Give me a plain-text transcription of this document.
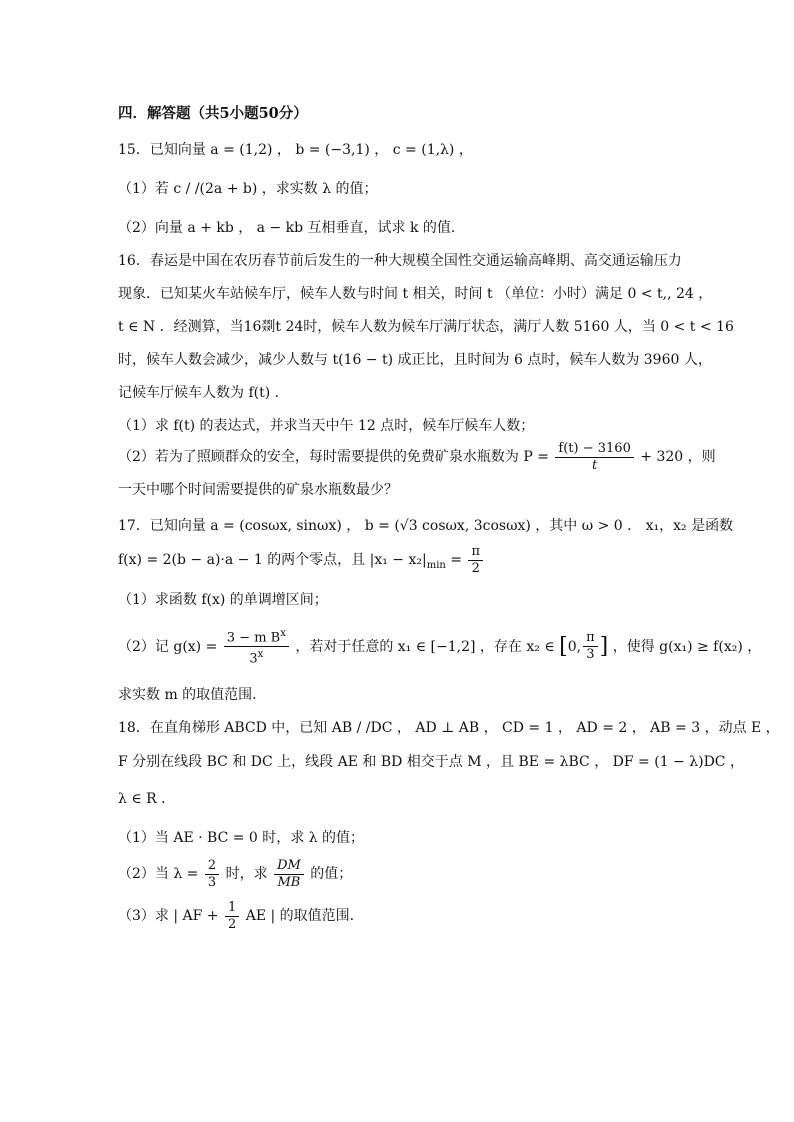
四．解答题（共5小题50分）
15．已知向量 a = (1,2) ， b = (−3,1) ， c = (1,λ) ，
（1）若 c / /(2a + b) ，求实数 λ 的值；
（2）向量 a + kb ， a − kb 互相垂直，试求 k 的值.
16．春运是中国在农历春节前后发生的一种大规模全国性交通运输高峰期、高交通运输压力
现象．已知某火车站候车厅，候车人数与时间 t 相关，时间 t （单位：小时）满足 0 < t,, 24 ，
t ∈ N ．经测算，当16剟t 24时，候车人数为候车厅满厅状态，满厅人数 5160 人，当 0 < t < 16
时，候车人数会减少，减少人数与 t(16 − t) 成正比，且时间为 6 点时，候车人数为 3960 人，
记候车厅候车人数为 f(t) .
（1）求 f(t) 的表达式，并求当天中午 12 点时，候车厅候车人数；
（2）若为了照顾群众的安全，每时需要提供的免费矿泉水瓶数为 $P = \frac{f(t) - 3160}{t} + 320$ ，则
一天中哪个时间需要提供的矿泉水瓶数最少？
17．已知向量 a = (cosωx, sinωx) ， b = (√3 cosωx, 3cosωx) ，其中 ω > 0 ． x₁，x₂ 是函数
f(x) = 2(b − a)·a − 1 的两个零点，且 $|x_1 - x_2|_{min} = \frac{\pi}{2}$
（1）求函数 f(x) 的单调增区间；
（2）记 $g(x) = \frac{3 - m B^x}{3^x}$ ，若对于任意的 x₁ ∈ [−1,2] ，存在 x₂ ∈ [0, $\frac{\pi}{3}$ ] ，使得 g(x₁) ≥ f(x₂) ，
求实数 m 的取值范围.
18．在直角梯形 ABCD 中，已知 AB / /DC ， AD ⊥ AB ， CD = 1 ， AD = 2 ， AB = 3 ，动点 E ，
F 分别在线段 BC 和 DC 上，线段 AE 和 BD 相交于点 M ，且 BE = λBC ， DF = (1 − λ)DC ，
λ ∈ R ．
（1）当 AE · BC = 0 时，求 λ 的值；
（2）当 $\lambda = \frac{2}{3}$ 时，求 $\frac{DM}{MB}$ 的值；
（3）求 | AF + $\frac{1}{2}$ AE | 的取值范围.
